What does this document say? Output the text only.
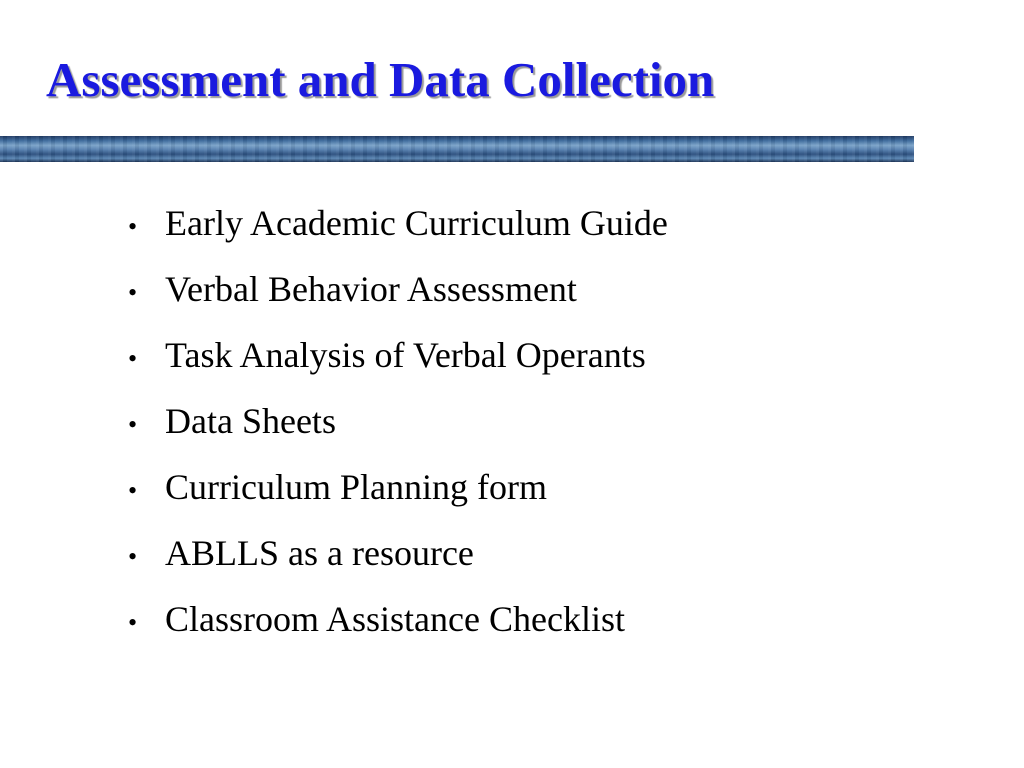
Assessment and Data Collection
• Early Academic Curriculum Guide
• Verbal Behavior Assessment
• Task Analysis of Verbal Operants
• Data Sheets
• Curriculum Planning form
• ABLLS as a resource
• Classroom Assistance Checklist
